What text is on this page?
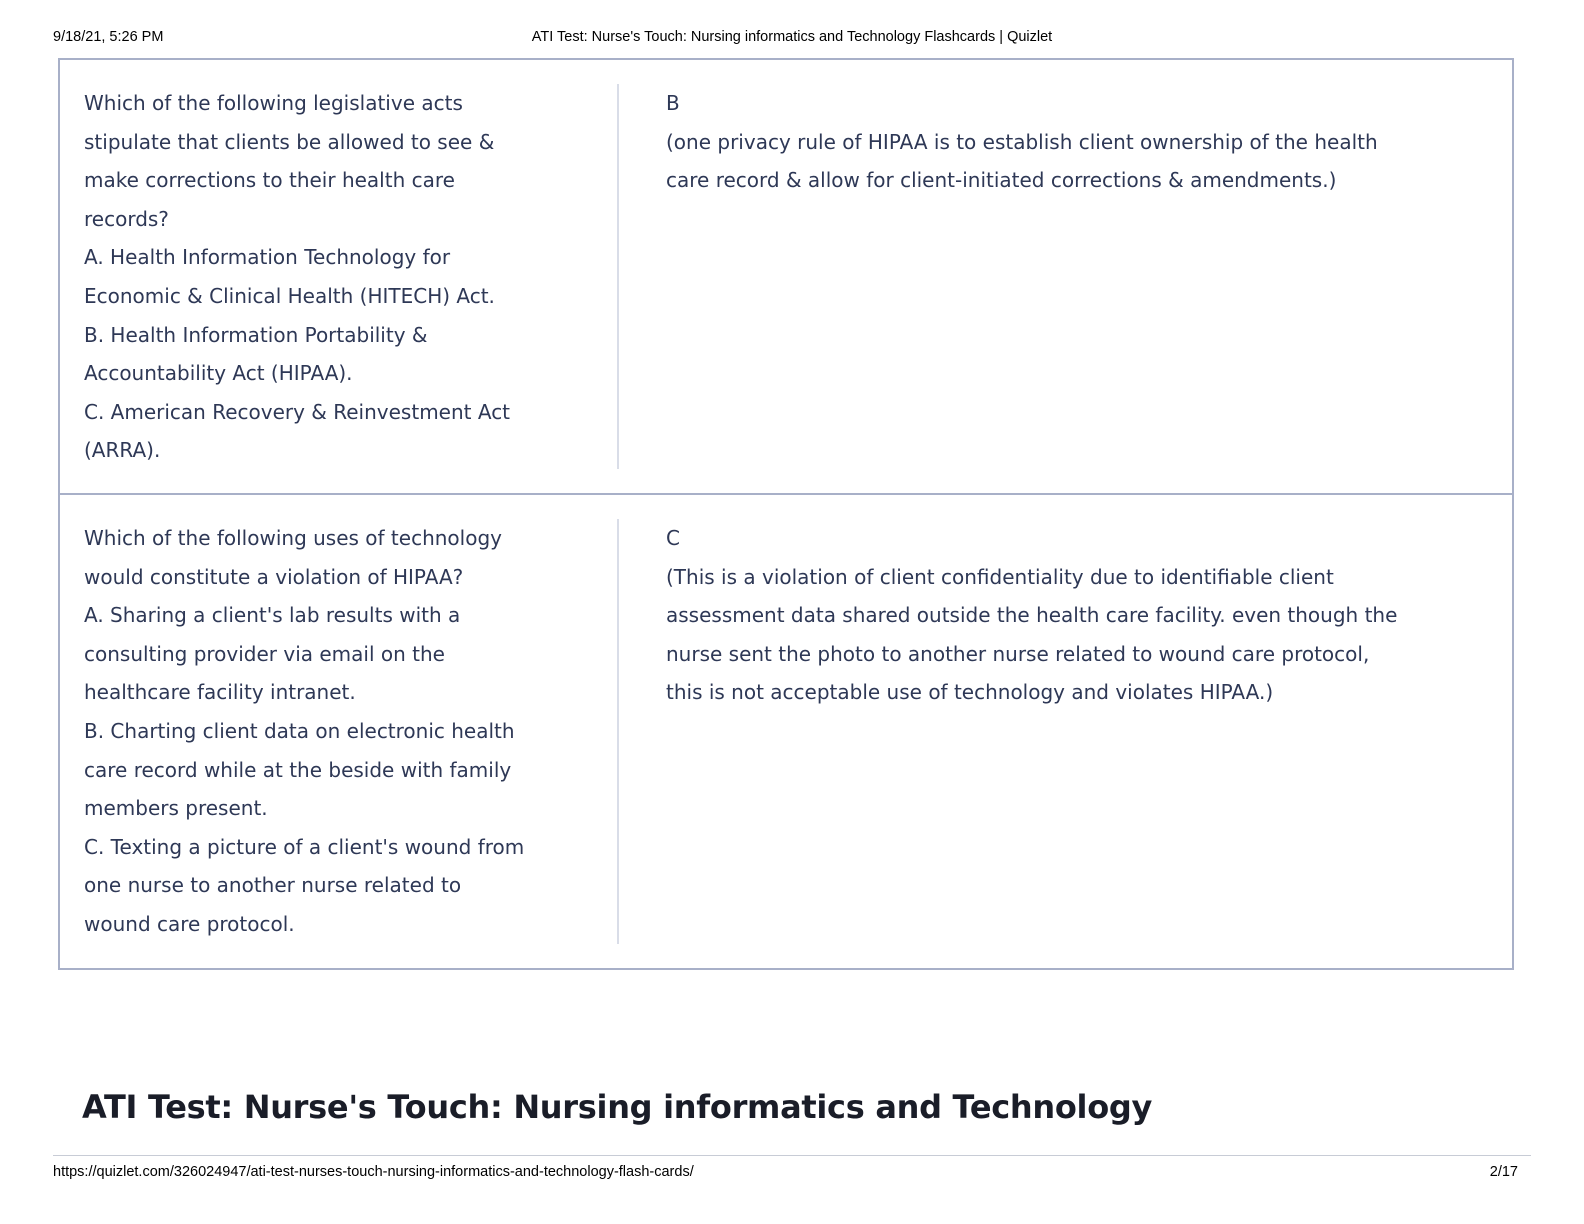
9/18/21, 5:26 PM	ATI Test: Nurse's Touch: Nursing informatics and Technology Flashcards | Quizlet
Which of the following legislative acts
stipulate that clients be allowed to see &
make corrections to their health care
records?
A. Health Information Technology for
Economic & Clinical Health (HITECH) Act.
B. Health Information Portability &
Accountability Act (HIPAA).
C. American Recovery & Reinvestment Act
(ARRA).
B
(one privacy rule of HIPAA is to establish client ownership of the health
care record & allow for client-initiated corrections & amendments.)
Which of the following uses of technology
would constitute a violation of HIPAA?
A. Sharing a client's lab results with a
consulting provider via email on the
healthcare facility intranet.
B. Charting client data on electronic health
care record while at the beside with family
members present.
C. Texting a picture of a client's wound from
one nurse to another nurse related to
wound care protocol.
C
(This is a violation of client confidentiality due to identifiable client
assessment data shared outside the health care facility. even though the
nurse sent the photo to another nurse related to wound care protocol,
this is not acceptable use of technology and violates HIPAA.)
ATI Test: Nurse's Touch: Nursing informatics and Technology
https://quizlet.com/326024947/ati-test-nurses-touch-nursing-informatics-and-technology-flash-cards/	2/17
